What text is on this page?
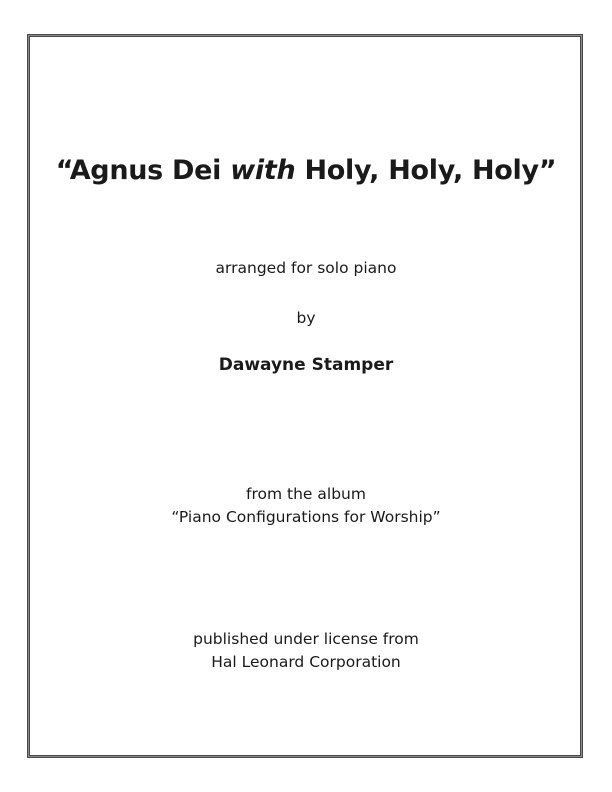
“Agnus Dei with Holy, Holy, Holy”
arranged for solo piano
by
Dawayne Stamper
from the album
“Piano Configurations for Worship”
published under license from
Hal Leonard Corporation
